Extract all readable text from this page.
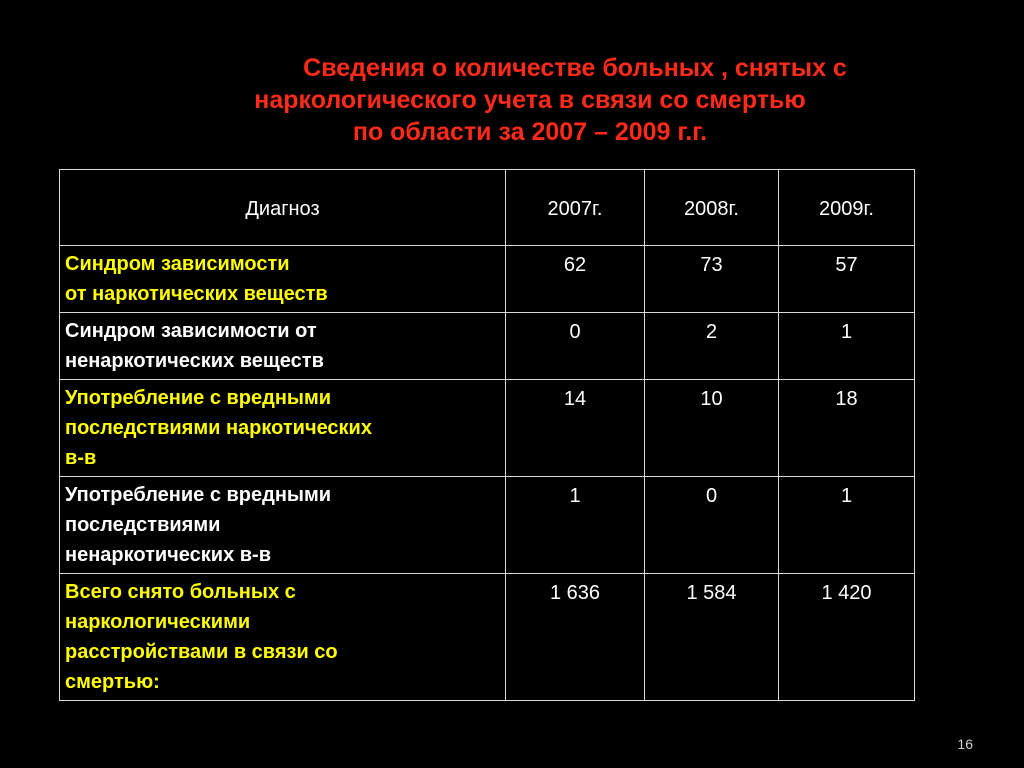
Сведения о количестве больных , снятых с
наркологического учета в связи со смертью
по области за 2007 – 2009 г.г.
Диагноз	2007г.	2008г.	2009г.
Синдром зависимости
от наркотических веществ	62	73	57
Синдром зависимости от
ненаркотических веществ	0	2	1
Употребление с вредными
последствиями наркотических
в-в	14	10	18
Употребление с вредными
последствиями
ненаркотических в-в	1	0	1
Всего снято больных с
наркологическими
расстройствами в связи со
смертью:	1 636	1 584	1 420
16
